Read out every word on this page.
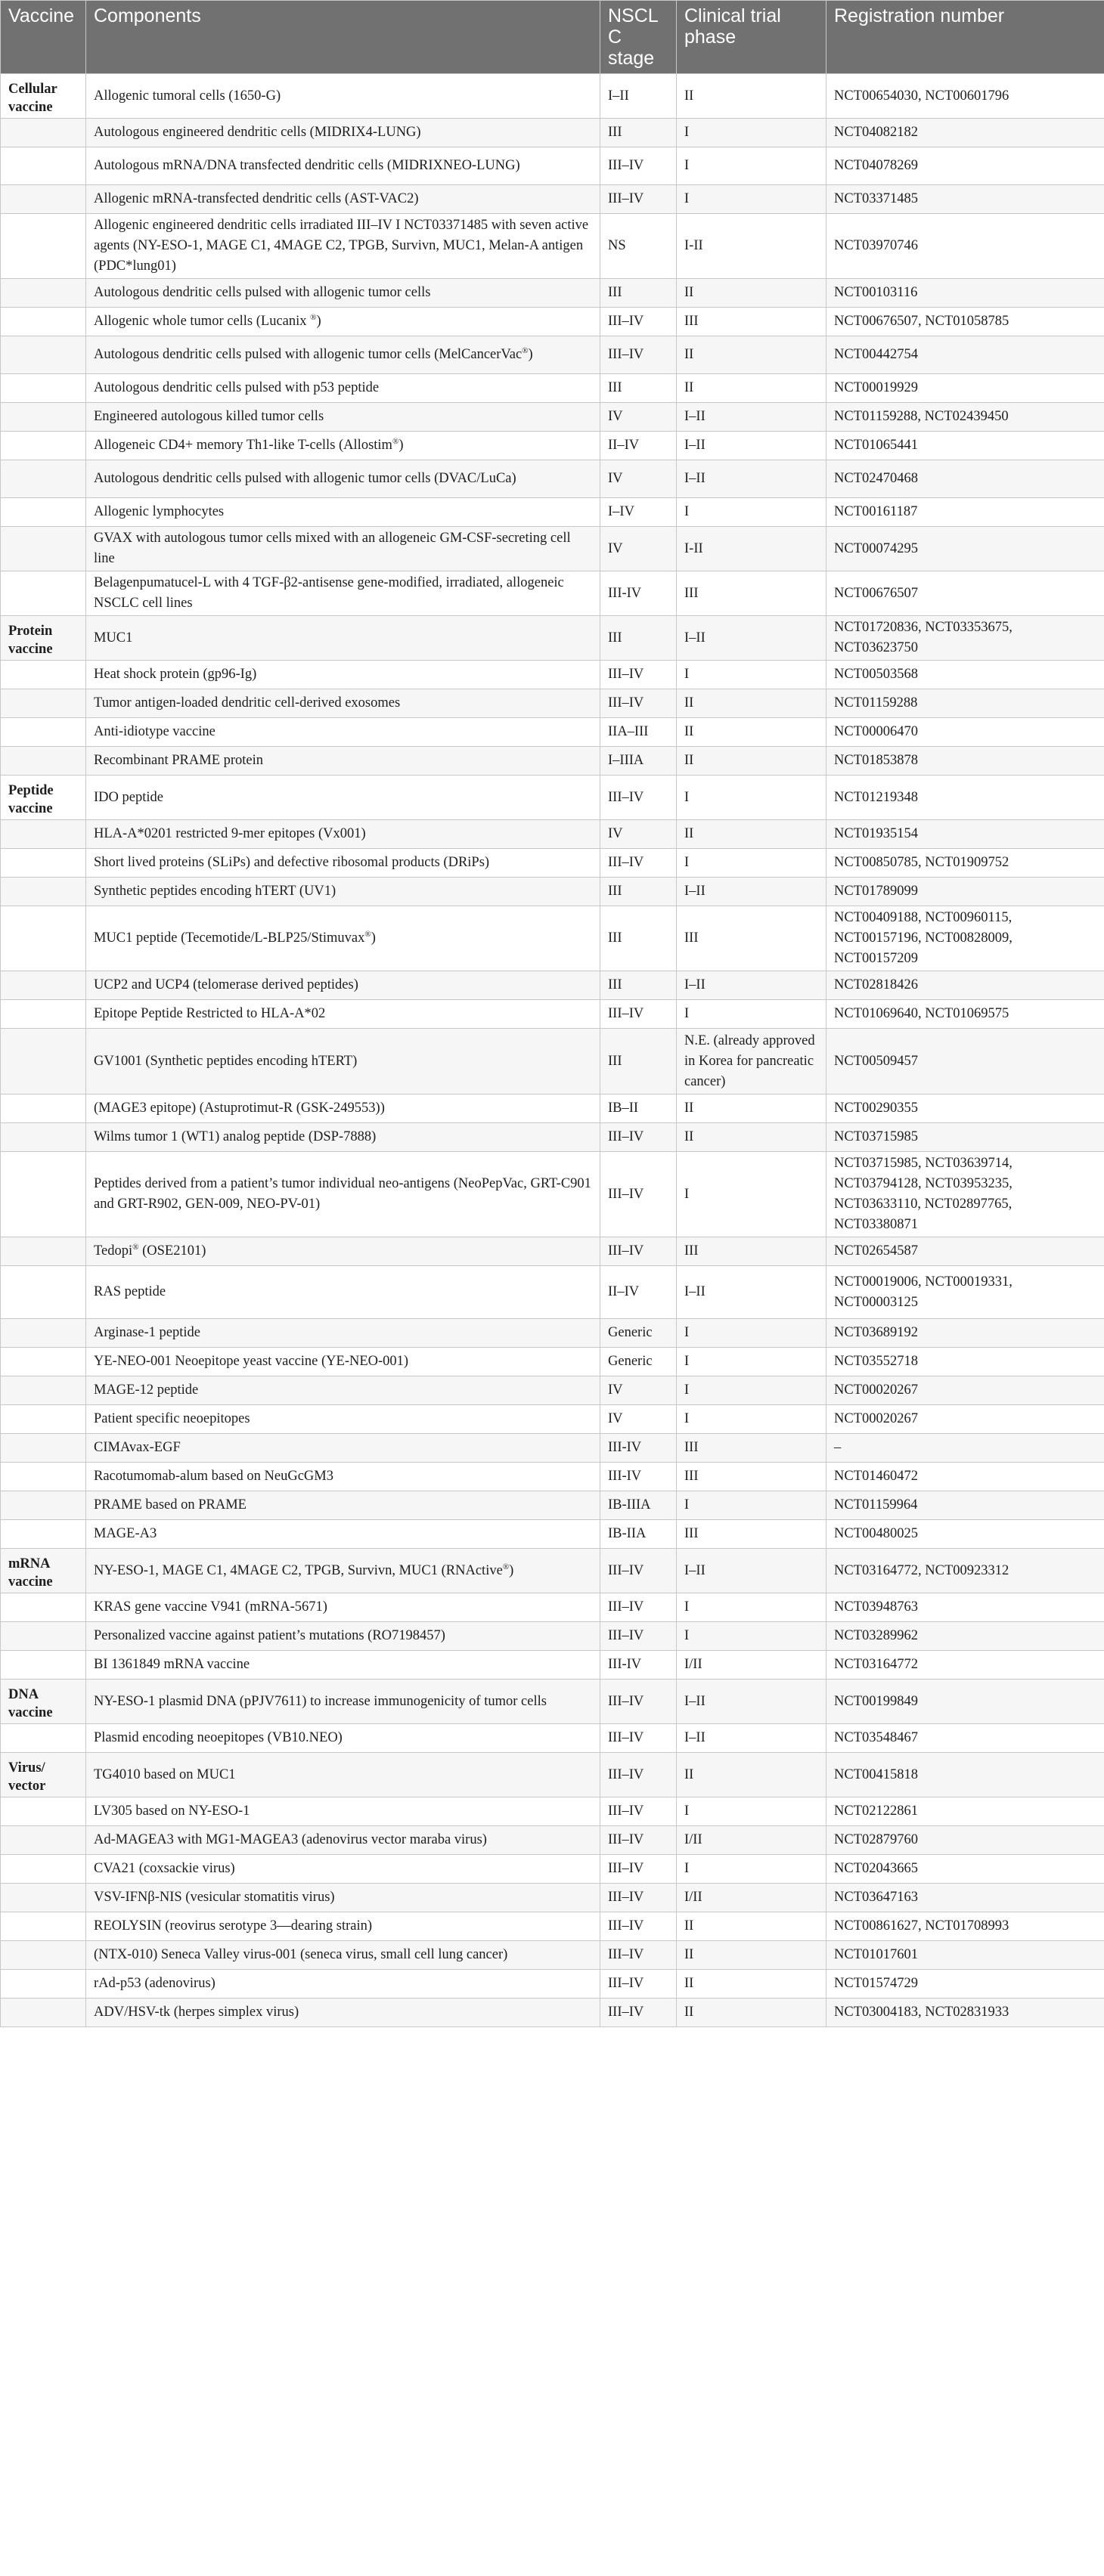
Vaccine	Components	NSCLC stage	Clinical trial phase	Registration number
Cellular vaccine	Allogenic tumoral cells (1650-G)	I–II	II	NCT00654030, NCT00601796
	Autologous engineered dendritic cells (MIDRIX4-LUNG)	III	I	NCT04082182
	Autologous mRNA/DNA transfected dendritic cells (MIDRIXNEO-LUNG)	III–IV	I	NCT04078269
	Allogenic mRNA-transfected dendritic cells (AST-VAC2)	III–IV	I	NCT03371485
	Allogenic engineered dendritic cells irradiated III–IV I NCT03371485 with seven active agents (NY-ESO-1, MAGE C1, 4MAGE C2, TPGB, Survivn, MUC1, Melan-A antigen (PDC*lung01)	NS	I-II	NCT03970746
	Autologous dendritic cells pulsed with allogenic tumor cells	III	II	NCT00103116
	Allogenic whole tumor cells (Lucanix ®)	III–IV	III	NCT00676507, NCT01058785
	Autologous dendritic cells pulsed with allogenic tumor cells (MelCancerVac®)	III–IV	II	NCT00442754
	Autologous dendritic cells pulsed with p53 peptide	III	II	NCT00019929
	Engineered autologous killed tumor cells	IV	I–II	NCT01159288, NCT02439450
	Allogeneic CD4+ memory Th1-like T-cells (Allostim®)	II–IV	I–II	NCT01065441
	Autologous dendritic cells pulsed with allogenic tumor cells (DVAC/LuCa)	IV	I–II	NCT02470468
	Allogenic lymphocytes	I–IV	I	NCT00161187
	GVAX with autologous tumor cells mixed with an allogeneic GM-CSF-secreting cell line	IV	I-II	NCT00074295
	Belagenpumatucel-L with 4 TGF-β2-antisense gene-modified, irradiated, allogeneic NSCLC cell lines	III-IV	III	NCT00676507
Protein vaccine	MUC1	III	I–II	NCT01720836, NCT03353675, NCT03623750
	Heat shock protein (gp96-Ig)	III–IV	I	NCT00503568
	Tumor antigen-loaded dendritic cell-derived exosomes	III–IV	II	NCT01159288
	Anti-idiotype vaccine	IIA–III	II	NCT00006470
	Recombinant PRAME protein	I–IIIA	II	NCT01853878
Peptide vaccine	IDO peptide	III–IV	I	NCT01219348
	HLA-A*0201 restricted 9-mer epitopes (Vx001)	IV	II	NCT01935154
	Short lived proteins (SLiPs) and defective ribosomal products (DRiPs)	III–IV	I	NCT00850785, NCT01909752
	Synthetic peptides encoding hTERT (UV1)	III	I–II	NCT01789099
	MUC1 peptide (Tecemotide/L-BLP25/Stimuvax®)	III	III	NCT00409188, NCT00960115, NCT00157196, NCT00828009, NCT00157209
	UCP2 and UCP4 (telomerase derived peptides)	III	I–II	NCT02818426
	Epitope Peptide Restricted to HLA-A*02	III–IV	I	NCT01069640, NCT01069575
	GV1001 (Synthetic peptides encoding hTERT)	III	N.E. (already approved in Korea for pancreatic cancer)	NCT00509457
	(MAGE3 epitope) (Astuprotimut-R (GSK-249553))	IB–II	II	NCT00290355
	Wilms tumor 1 (WT1) analog peptide (DSP-7888)	III–IV	II	NCT03715985
	Peptides derived from a patient’s tumor individual neo-antigens (NeoPepVac, GRT-C901 and GRT-R902, GEN-009, NEO-PV-01)	III–IV	I	NCT03715985, NCT03639714, NCT03794128, NCT03953235, NCT03633110, NCT02897765, NCT03380871
	Tedopi® (OSE2101)	III–IV	III	NCT02654587
	RAS peptide	II–IV	I–II	NCT00019006, NCT00019331, NCT00003125
	Arginase-1 peptide	Generic	I	NCT03689192
	YE-NEO-001 Neoepitope yeast vaccine (YE-NEO-001)	Generic	I	NCT03552718
	MAGE-12 peptide	IV	I	NCT00020267
	Patient specific neoepitopes	IV	I	NCT00020267
	CIMAvax-EGF	III-IV	III	–
	Racotumomab-alum based on NeuGcGM3	III-IV	III	NCT01460472
	PRAME based on PRAME	IB-IIIA	I	NCT01159964
	MAGE-A3	IB-IIA	III	NCT00480025
mRNA vaccine	NY-ESO-1, MAGE C1, 4MAGE C2, TPGB, Survivn, MUC1 (RNActive®)	III–IV	I–II	NCT03164772, NCT00923312
	KRAS gene vaccine V941 (mRNA-5671)	III–IV	I	NCT03948763
	Personalized vaccine against patient’s mutations (RO7198457)	III–IV	I	NCT03289962
	BI 1361849 mRNA vaccine	III-IV	I/II	NCT03164772
DNA vaccine	NY-ESO-1 plasmid DNA (pPJV7611) to increase immunogenicity of tumor cells	III–IV	I–II	NCT00199849
	Plasmid encoding neoepitopes (VB10.NEO)	III–IV	I–II	NCT03548467
Virus/ vector	TG4010 based on MUC1	III–IV	II	NCT00415818
	LV305 based on NY-ESO-1	III–IV	I	NCT02122861
	Ad-MAGEA3 with MG1-MAGEA3 (adenovirus vector maraba virus)	III–IV	I/II	NCT02879760
	CVA21 (coxsackie virus)	III–IV	I	NCT02043665
	VSV-IFNβ-NIS (vesicular stomatitis virus)	III–IV	I/II	NCT03647163
	REOLYSIN (reovirus serotype 3—dearing strain)	III–IV	II	NCT00861627, NCT01708993
	(NTX-010) Seneca Valley virus-001 (seneca virus, small cell lung cancer)	III–IV	II	NCT01017601
	rAd-p53 (adenovirus)	III–IV	II	NCT01574729
	ADV/HSV-tk (herpes simplex virus)	III–IV	II	NCT03004183, NCT02831933
